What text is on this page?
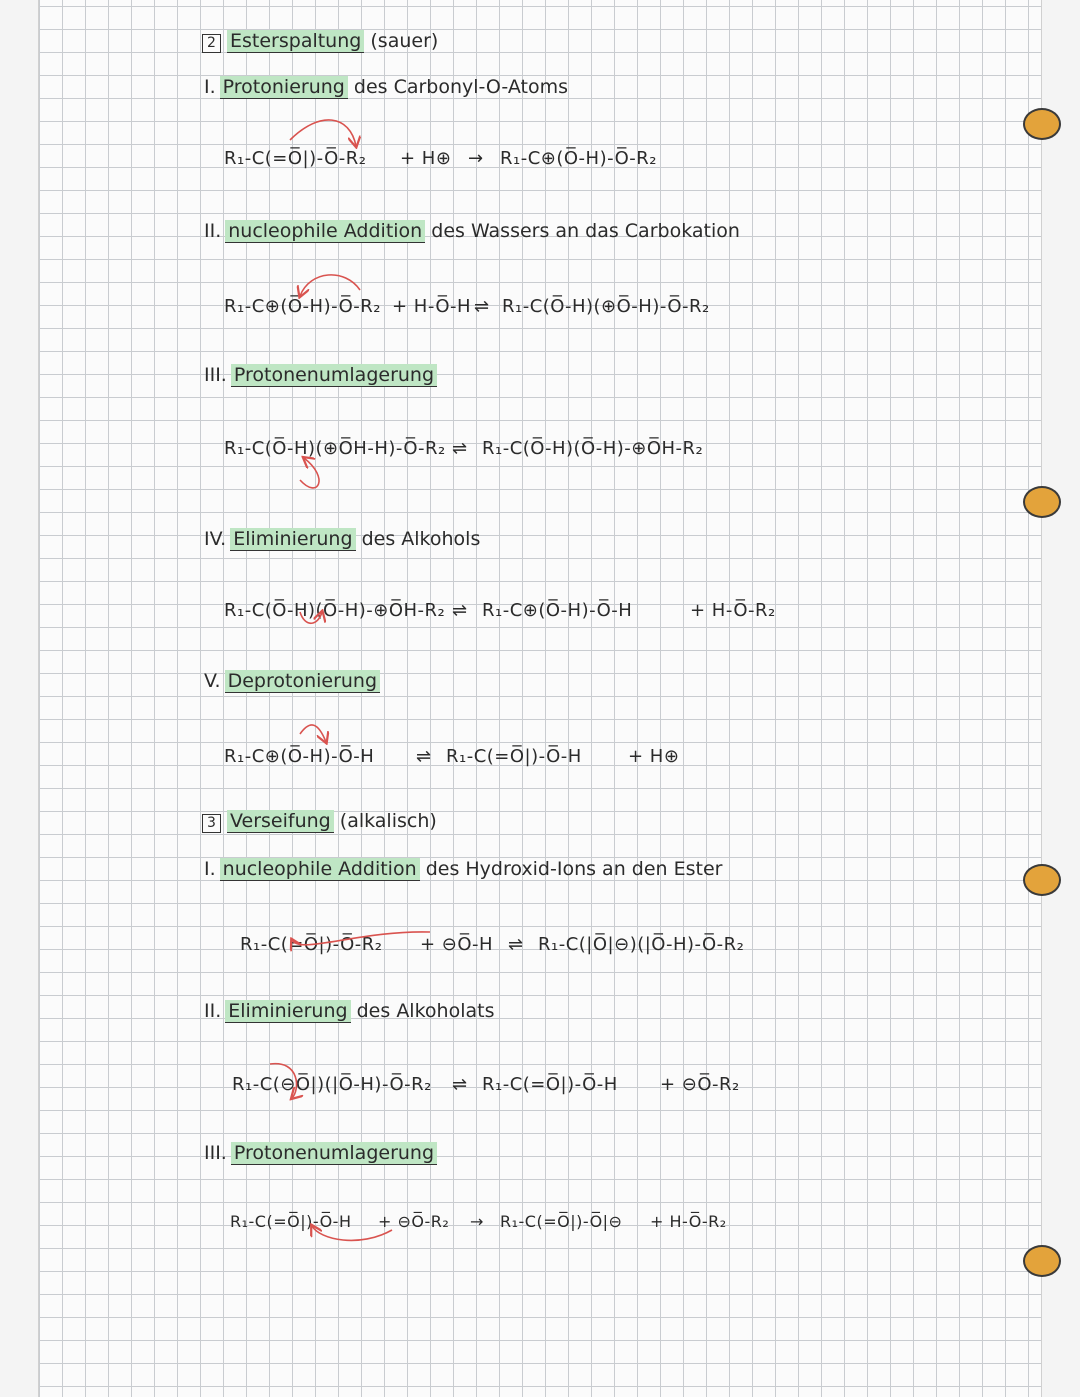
2 Esterspaltung (sauer)
I. Protonierung des Carbonyl-O-Atoms
R₁-C(=O̅|)-O̅-R₂ + H⊕ → R₁-C⊕(O̅-H)-O̅-R₂
II. nucleophile Addition des Wassers an das Carbokation
R₁-C⊕(O̅-H)-O̅-R₂ + H-O̅-H ⇌ R₁-C(O̅-H)(⊕O̅-H)-O̅-R₂
III. Protonenumlagerung
R₁-C(O̅-H)(⊕O̅H-H)-O̅-R₂ ⇌ R₁-C(O̅-H)(O̅-H)-⊕O̅H-R₂
IV. Eliminierung des Alkohols
R₁-C(O̅-H)(O̅-H)-⊕O̅H-R₂ ⇌ R₁-C⊕(O̅-H)-O̅-H	+ H-O̅-R₂
V. Deprotonierung
R₁-C⊕(O̅-H)-O̅-H ⇌ R₁-C(=O̅|)-O̅-H	+ H⊕
3 Verseifung (alkalisch)
I. nucleophile Addition des Hydroxid-Ions an den Ester
R₁-C(=O̅|)-O̅-R₂ + ⊖O̅-H ⇌ R₁-C(|O̅|⊖)(|O̅-H)-O̅-R₂
II. Eliminierung des Alkoholats
R₁-C(⊖O̅|)(|O̅-H)-O̅-R₂ ⇌ R₁-C(=O̅|)-O̅-H + ⊖O̅-R₂
III. Protonenumlagerung
R₁-C(=O̅|)-O̅-H + ⊖O̅-R₂ → R₁-C(=O̅|)-O̅|⊖ + H-O̅-R₂
